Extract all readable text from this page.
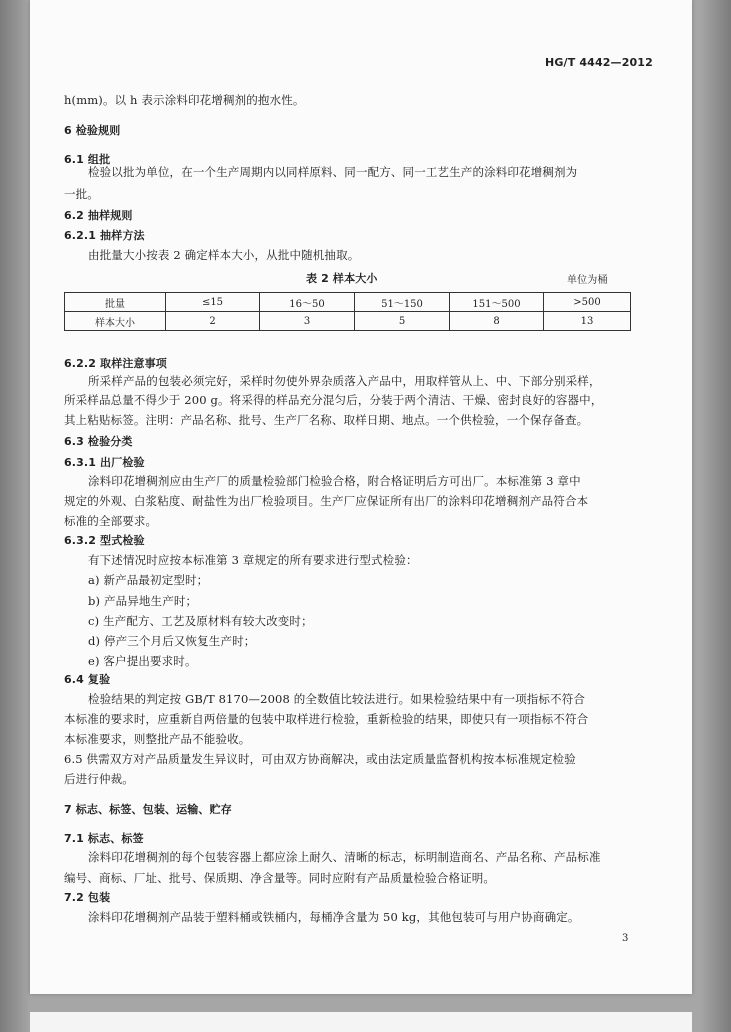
HG/T 4442—2012
h(mm)。以 h 表示涂料印花增稠剂的抱水性。
6 检验规则
6.1 组批
检验以批为单位，在一个生产周期内以同样原料、同一配方、同一工艺生产的涂料印花增稠剂为
一批。
6.2 抽样规则
6.2.1 抽样方法
由批量大小按表 2 确定样本大小，从批中随机抽取。
表 2 样本大小	单位为桶
批量	≤15	16～50	51～150	151～500	>500
样本大小	2	3	5	8	13
6.2.2 取样注意事项
所采样产品的包装必须完好，采样时勿使外界杂质落入产品中，用取样管从上、中、下部分别采样，
所采样品总量不得少于 200 g。将采得的样品充分混匀后，分装于两个清洁、干燥、密封良好的容器中，
其上粘贴标签。注明：产品名称、批号、生产厂名称、取样日期、地点。一个供检验，一个保存备查。
6.3 检验分类
6.3.1 出厂检验
涂料印花增稠剂应由生产厂的质量检验部门检验合格，附合格证明后方可出厂。本标准第 3 章中
规定的外观、白浆粘度、耐盐性为出厂检验项目。生产厂应保证所有出厂的涂料印花增稠剂产品符合本
标准的全部要求。
6.3.2 型式检验
有下述情况时应按本标准第 3 章规定的所有要求进行型式检验：
a) 新产品最初定型时；
b) 产品异地生产时；
c) 生产配方、工艺及原材料有较大改变时；
d) 停产三个月后又恢复生产时；
e) 客户提出要求时。
6.4 复验
检验结果的判定按 GB/T 8170—2008 的全数值比较法进行。如果检验结果中有一项指标不符合
本标准的要求时，应重新自两倍量的包装中取样进行检验，重新检验的结果，即使只有一项指标不符合
本标准要求，则整批产品不能验收。
6.5 供需双方对产品质量发生异议时，可由双方协商解决，或由法定质量监督机构按本标准规定检验
后进行仲裁。
7 标志、标签、包装、运输、贮存
7.1 标志、标签
涂料印花增稠剂的每个包装容器上都应涂上耐久、清晰的标志，标明制造商名、产品名称、产品标准
编号、商标、厂址、批号、保质期、净含量等。同时应附有产品质量检验合格证明。
7.2 包装
涂料印花增稠剂产品装于塑料桶或铁桶内，每桶净含量为 50 kg，其他包装可与用户协商确定。
3
